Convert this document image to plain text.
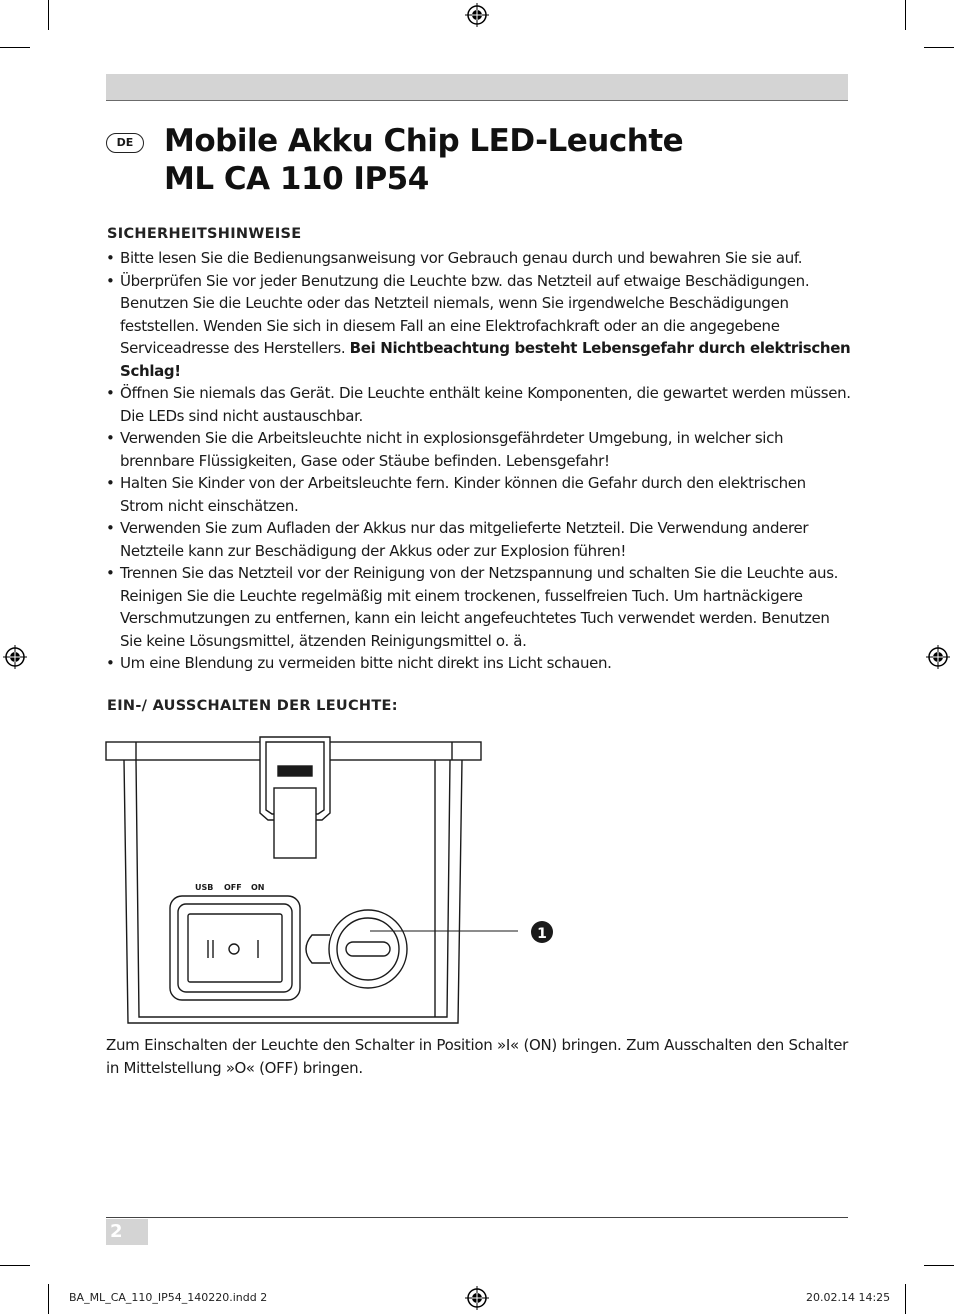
DE Mobile Akku Chip LED-Leuchte
ML CA 110 IP54
SICHERHEITSHINWEISE
• Bitte lesen Sie die Bedienungsanweisung vor Gebrauch genau durch und bewahren Sie sie auf.
• Überprüfen Sie vor jeder Benutzung die Leuchte bzw. das Netzteil auf etwaige Beschädigungen. Benutzen Sie die Leuchte oder das Netzteil niemals, wenn Sie irgendwelche Beschädigungen feststellen. Wenden Sie sich in diesem Fall an eine Elektrofachkraft oder an die angegebene Serviceadresse des Herstellers. Bei Nichtbeachtung besteht Lebensgefahr durch elektrischen Schlag!
• Öffnen Sie niemals das Gerät. Die Leuchte enthält keine Komponenten, die gewartet werden müssen. Die LEDs sind nicht austauschbar.
• Verwenden Sie die Arbeitsleuchte nicht in explosionsgefährdeter Umgebung, in welcher sich brennbare Flüssigkeiten, Gase oder Stäube befinden. Lebensgefahr!
• Halten Sie Kinder von der Arbeitsleuchte fern. Kinder können die Gefahr durch den elektrischen Strom nicht einschätzen.
• Verwenden Sie zum Aufladen der Akkus nur das mitgelieferte Netzteil. Die Verwendung anderer Netzteile kann zur Beschädigung der Akkus oder zur Explosion führen!
• Trennen Sie das Netzteil vor der Reinigung von der Netzspannung und schalten Sie die Leuchte aus. Reinigen Sie die Leuchte regelmäßig mit einem trockenen, fusselfreien Tuch. Um hartnäckigere Verschmutzungen zu entfernen, kann ein leicht angefeuchtetes Tuch verwendet werden. Benutzen Sie keine Lösungsmittel, ätzenden Reinigungsmittel o. ä.
• Um eine Blendung zu vermeiden bitte nicht direkt ins Licht schauen.
EIN-/ AUSSCHALTEN DER LEUCHTE:
USB OFF ON
1
Zum Einschalten der Leuchte den Schalter in Position »I« (ON) bringen. Zum Ausschalten den Schalter in Mittelstellung »O« (OFF) bringen.
2
BA_ML_CA_110_IP54_140220.indd 2	20.02.14 14:25
